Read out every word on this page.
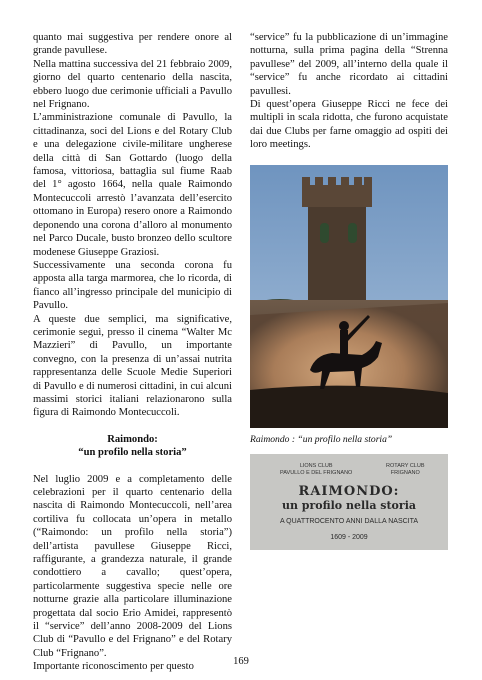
quanto mai suggestiva per rendere onore al grande pavullese.

Nella mattina successiva del 21 febbraio 2009, giorno del quarto centenario della nascita, ebbero luogo due cerimonie ufficiali a Pavullo nel Frignano.

L’amministrazione comunale di Pavullo, la cittadinanza, soci del Lions e del Rotary Club e una delegazione civile-militare ungherese della città di San Gottardo (luogo della famosa, vittoriosa, battaglia sul fiume Raab del 1° agosto 1664, nella quale Raimondo Montecuccoli arrestò l’avanzata dell’esercito ottomano in Europa) resero onore a Raimondo deponendo una corona d’alloro al monumento nel Parco Ducale, busto bronzeo dello scultore modenese Giuseppe Graziosi.

Successivamente una seconda corona fu apposta alla targa marmorea, che lo ricorda, di fianco all’ingresso principale del municipio di Pavullo.

A queste due semplici, ma significative, cerimonie seguì, presso il cinema “Walter Mc Mazzieri” di Pavullo, un importante convegno, con la presenza di un’assai nutrita rappresentanza delle Scuole Medie Superiori di Pavullo e di numerosi cittadini, in cui alcuni massimi storici italiani relazionarono sulla figura di Raimondo Montecuccoli.

Raimondo:
“un profilo nella storia”

Nel luglio 2009 e a completamento delle celebrazioni per il quarto centenario della nascita di Raimondo Montecuccoli, nell’area cortiliva fu collocata un’opera in metallo (“Raimondo: un profilo nella storia”) dell’artista pavullese Giuseppe Ricci, raffigurante, a grandezza naturale, il grande condottiero a cavallo; quest’opera, particolarmente suggestiva specie nelle ore notturne grazie alla particolare illuminazione progettata dal socio Erio Amidei, rappresentò il “service” dell’anno 2008-2009 del Lions Club di “Pavullo e del Frignano” e del Rotary Club “Frignano”.

Importante riconoscimento per questo

“service” fu la pubblicazione di un’immagine notturna, sulla prima pagina della “Strenna pavullese” del 2009, all’interno della quale il “service” fu anche ricordato ai cittadini pavullesi.

Di quest’opera Giuseppe Ricci ne fece dei multipli in scala ridotta, che furono acquistate dai due Clubs per farne omaggio ad ospiti dei loro meetings.

Raimondo : “un profilo nella storia”
LIONS CLUB
PAVULLO E DEL FRIGNANO
ROTARY CLUB
FRIGNANO
RAIMONDO:
un profilo nella storia
A QUATTROCENTO ANNI DALLA NASCITA
1609 - 2009
169
